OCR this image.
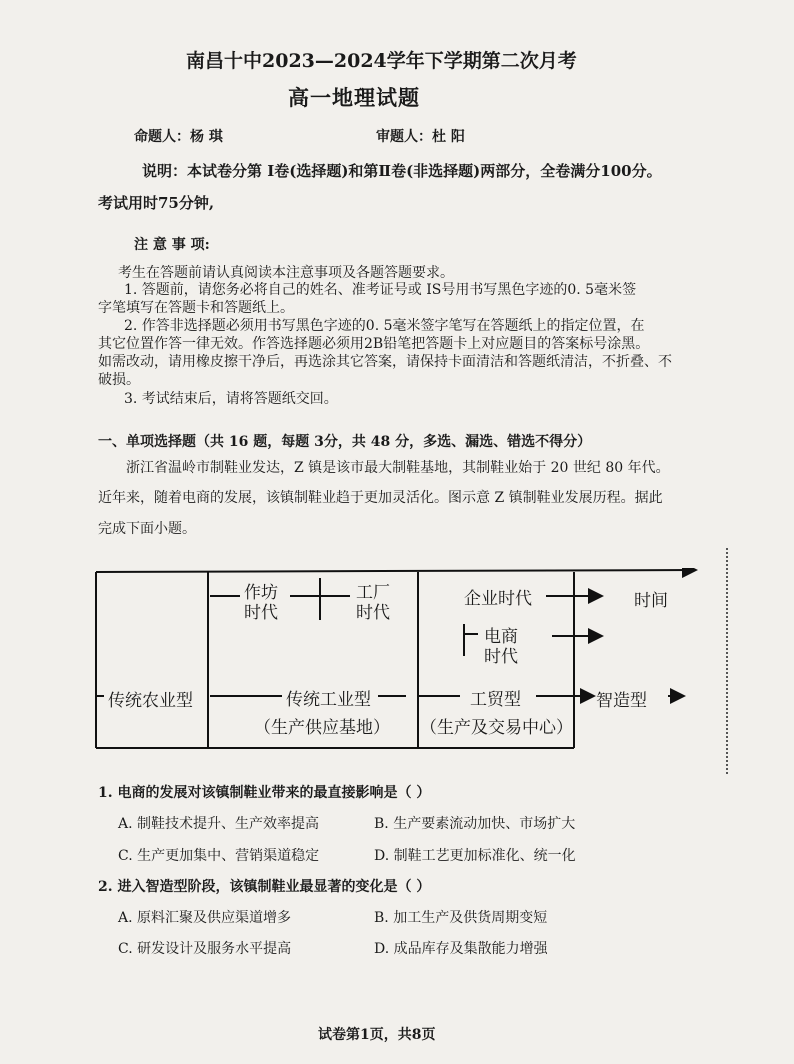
南昌十中2023—2024学年下学期第二次月考
高一地理试题
命题人：杨 琪	审题人：杜 阳
说明：本试卷分第 Ⅰ卷(选择题)和第Ⅱ卷(非选择题)两部分，全卷满分100分。
考试用时75分钟,
注 意 事 项:
考生在答题前请认真阅读本注意事项及各题答题要求。
1. 答题前，请您务必将自己的姓名、准考证号或 IS号用书写黑色字迹的0. 5毫米签
字笔填写在答题卡和答题纸上。
2. 作答非选择题必须用书写黑色字迹的0. 5毫米签字笔写在答题纸上的指定位置，在
其它位置作答一律无效。作答选择题必须用2B铅笔把答题卡上对应题目的答案标号涂黑。
如需改动，请用橡皮擦干净后，再选涂其它答案，请保持卡面清洁和答题纸清洁，不折叠、不
破损。
3. 考试结束后，请将答题纸交回。
一、单项选择题（共 16 题，每题 3分，共 48 分，多选、漏选、错选不得分）
浙江省温岭市制鞋业发达，Z 镇是该市最大制鞋基地，其制鞋业始于 20 世纪 80 年代。
近年来，随着电商的发展，该镇制鞋业趋于更加灵活化。图示意 Z 镇制鞋业发展历程。据此
完成下面小题。
作坊
时代
工厂
时代
企业时代	时间
电商
时代
传统农业型	传统工业型
（生产供应基地）
工贸型
（生产及交易中心）
智造型
1. 电商的发展对该镇制鞋业带来的最直接影响是（ ）
A. 制鞋技术提升、生产效率提高	B. 生产要素流动加快、市场扩大
C. 生产更加集中、营销渠道稳定	D. 制鞋工艺更加标准化、统一化
2. 进入智造型阶段，该镇制鞋业最显著的变化是（ ）
A. 原料汇聚及供应渠道增多	B. 加工生产及供货周期变短
C. 研发设计及服务水平提高	D. 成品库存及集散能力增强
试卷第1页，共8页
